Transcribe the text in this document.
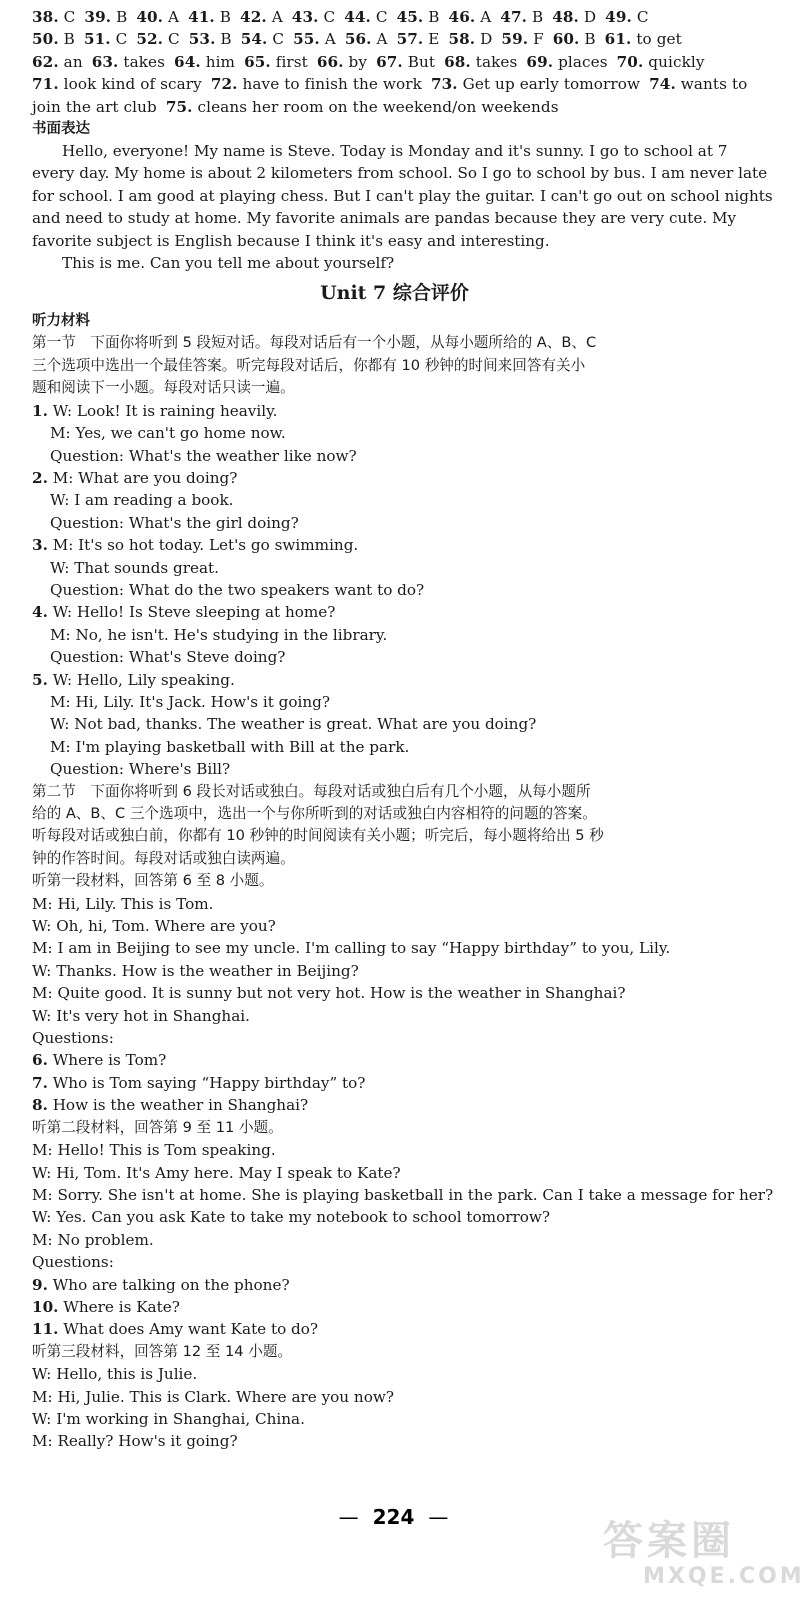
38. C 39. B 40. A 41. B 42. A 43. C 44. C 45. B 46. A 47. B 48. D 49. C
50. B 51. C 52. C 53. B 54. C 55. A 56. A 57. E 58. D 59. F 60. B 61. to get
62. an 63. takes 64. him 65. first 66. by 67. But 68. takes 69. places 70. quickly
71. look kind of scary 72. have to finish the work 73. Get up early tomorrow 74. wants to
join the art club 75. cleans her room on the weekend/on weekends
书面表达
Hello, everyone! My name is Steve. Today is Monday and it's sunny. I go to school at 7
every day. My home is about 2 kilometers from school. So I go to school by bus. I am never late
for school. I am good at playing chess. But I can't play the guitar. I can't go out on school nights
and need to study at home. My favorite animals are pandas because they are very cute. My
favorite subject is English because I think it's easy and interesting.
This is me. Can you tell me about yourself?
Unit 7 综合评价
听力材料
第一节　下面你将听到 5 段短对话。每段对话后有一个小题，从每小题所给的 A、B、C
三个选项中选出一个最佳答案。听完每段对话后，你都有 10 秒钟的时间来回答有关小
题和阅读下一小题。每段对话只读一遍。
1. W: Look! It is raining heavily.
M: Yes, we can't go home now.
Question: What's the weather like now?
2. M: What are you doing?
W: I am reading a book.
Question: What's the girl doing?
3. M: It's so hot today. Let's go swimming.
W: That sounds great.
Question: What do the two speakers want to do?
4. W: Hello! Is Steve sleeping at home?
M: No, he isn't. He's studying in the library.
Question: What's Steve doing?
5. W: Hello, Lily speaking.
M: Hi, Lily. It's Jack. How's it going?
W: Not bad, thanks. The weather is great. What are you doing?
M: I'm playing basketball with Bill at the park.
Question: Where's Bill?
第二节　下面你将听到 6 段长对话或独白。每段对话或独白后有几个小题，从每小题所
给的 A、B、C 三个选项中，选出一个与你所听到的对话或独白内容相符的问题的答案。
听每段对话或独白前，你都有 10 秒钟的时间阅读有关小题；听完后，每小题将给出 5 秒
钟的作答时间。每段对话或独白读两遍。
听第一段材料，回答第 6 至 8 小题。
M: Hi, Lily. This is Tom.
W: Oh, hi, Tom. Where are you?
M: I am in Beijing to see my uncle. I'm calling to say “Happy birthday” to you, Lily.
W: Thanks. How is the weather in Beijing?
M: Quite good. It is sunny but not very hot. How is the weather in Shanghai?
W: It's very hot in Shanghai.
Questions:
6. Where is Tom?
7. Who is Tom saying “Happy birthday” to?
8. How is the weather in Shanghai?
听第二段材料，回答第 9 至 11 小题。
M: Hello! This is Tom speaking.
W: Hi, Tom. It's Amy here. May I speak to Kate?
M: Sorry. She isn't at home. She is playing basketball in the park. Can I take a message for her?
W: Yes. Can you ask Kate to take my notebook to school tomorrow?
M: No problem.
Questions:
9. Who are talking on the phone?
10. Where is Kate?
11. What does Amy want Kate to do?
听第三段材料，回答第 12 至 14 小题。
W: Hello, this is Julie.
M: Hi, Julie. This is Clark. Where are you now?
W: I'm working in Shanghai, China.
M: Really? How's it going?
— 224 —
答案圈
MXQE.COM
